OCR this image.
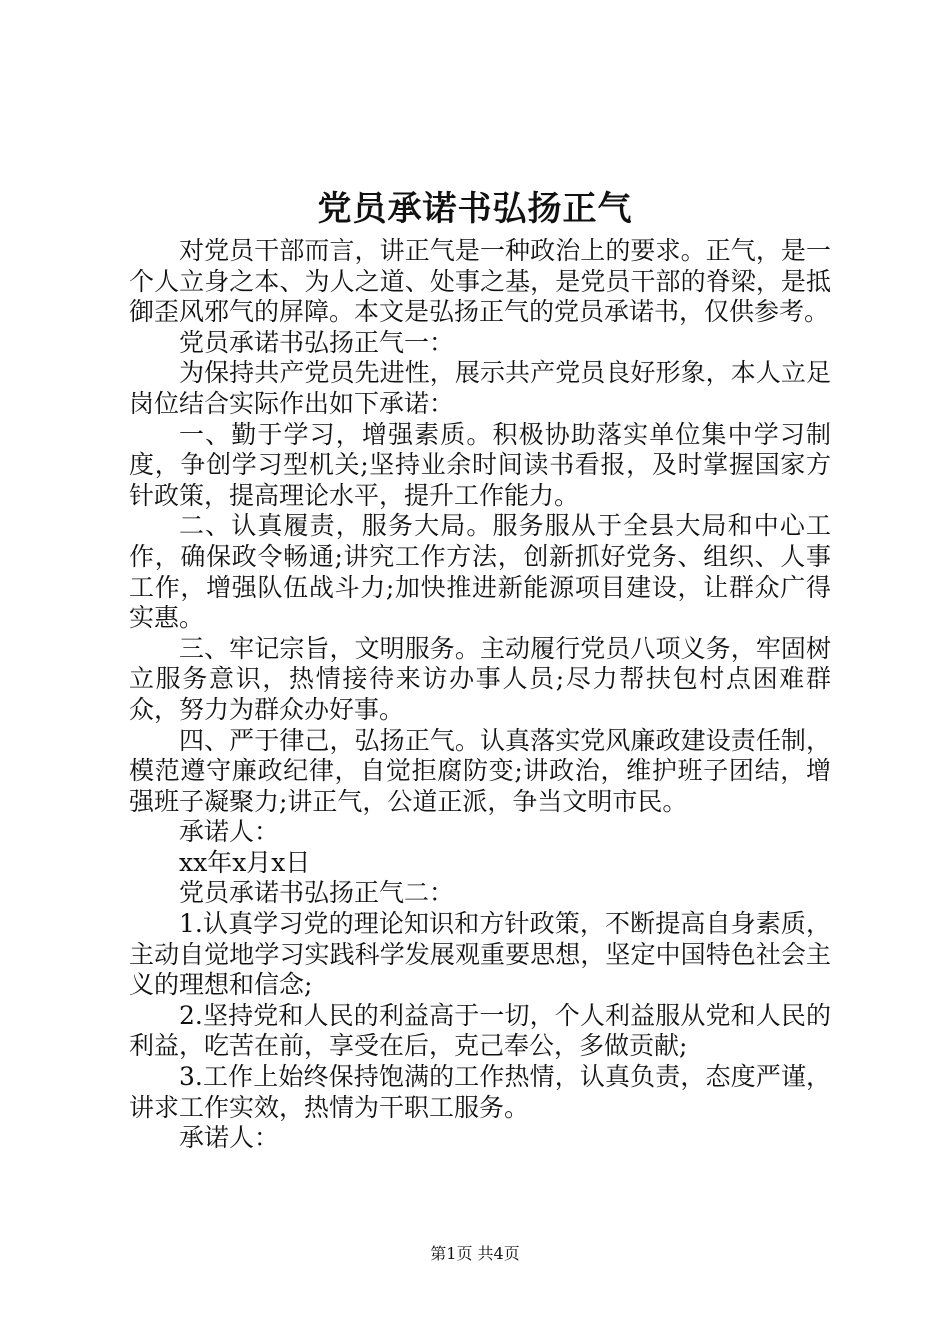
党员承诺书弘扬正气

对党员干部而言，讲正气是一种政治上的要求。正气，是一个人立身之本、为人之道、处事之基，是党员干部的脊梁，是抵御歪风邪气的屏障。本文是弘扬正气的党员承诺书，仅供参考。

党员承诺书弘扬正气一：

为保持共产党员先进性，展示共产党员良好形象，本人立足岗位结合实际作出如下承诺：

一、勤于学习，增强素质。积极协助落实单位集中学习制度，争创学习型机关;坚持业余时间读书看报，及时掌握国家方针政策，提高理论水平，提升工作能力。

二、认真履责，服务大局。服务服从于全县大局和中心工作，确保政令畅通;讲究工作方法，创新抓好党务、组织、人事工作，增强队伍战斗力;加快推进新能源项目建设，让群众广得实惠。

三、牢记宗旨，文明服务。主动履行党员八项义务，牢固树立服务意识，热情接待来访办事人员;尽力帮扶包村点困难群众，努力为群众办好事。

四、严于律己，弘扬正气。认真落实党风廉政建设责任制，模范遵守廉政纪律，自觉拒腐防变;讲政治，维护班子团结，增强班子凝聚力;讲正气，公道正派，争当文明市民。

承诺人：

xx年x月x日

党员承诺书弘扬正气二：

1.认真学习党的理论知识和方针政策，不断提高自身素质，主动自觉地学习实践科学发展观重要思想，坚定中国特色社会主义的理想和信念;

2.坚持党和人民的利益高于一切，个人利益服从党和人民的利益，吃苦在前，享受在后，克己奉公，多做贡献;

3.工作上始终保持饱满的工作热情，认真负责，态度严谨，讲求工作实效，热情为干职工服务。

承诺人：

第1页 共4页
